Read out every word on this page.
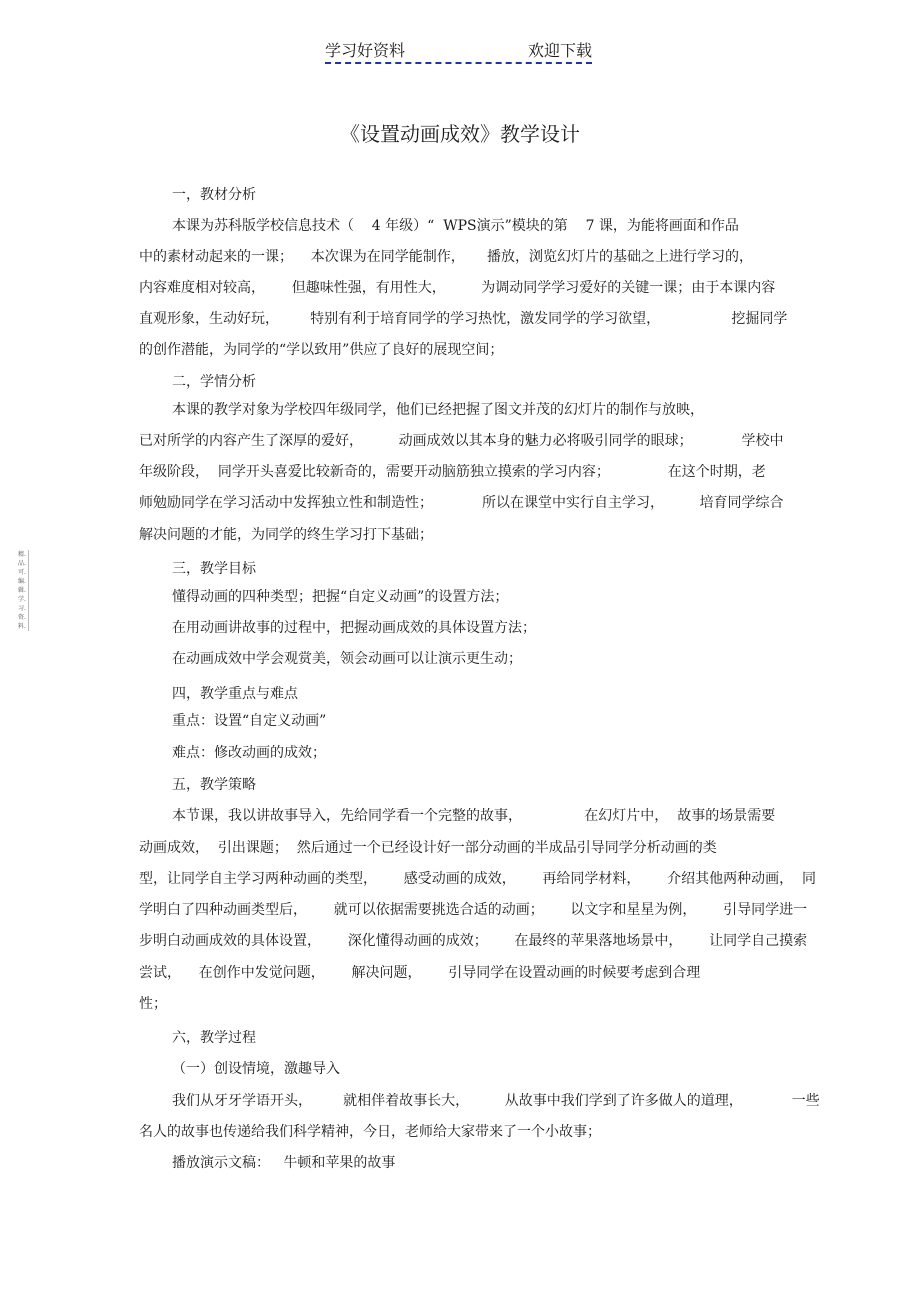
学习好资料	欢迎下载
《设置动画成效》教学设计
精.品.可.编.辑.学.习.资.料.
一，教材分析
本课为苏科版学校信息技术（    4 年级）“  WPS演示”模块的第    7 课，为能将画面和作品
中的素材动起来的一课；    本次课为在同学能制作，     播放，浏览幻灯片的基础之上进行学习的，
内容难度相对较高，      但趣味性强，有用性大，        为调动同学学习爱好的关键一课；由于本课内容
直观形象，生动好玩，       特别有利于培育同学的学习热忱，激发同学的学习欲望，                挖掘同学
的创作潜能，为同学的“学以致用”供应了良好的展现空间；
二，学情分析
本课的教学对象为学校四年级同学，他们已经把握了图文并茂的幻灯片的制作与放映，
已对所学的内容产生了深厚的爱好，        动画成效以其本身的魅力必将吸引同学的眼球；           学校中
年级阶段，  同学开头喜爱比较新奇的，需要开动脑筋独立摸索的学习内容；             在这个时期，老
师勉励同学在学习活动中发挥独立性和制造性；           所以在课堂中实行自主学习，        培育同学综合
解决问题的才能，为同学的终生学习打下基础；
三，教学目标
懂得动画的四种类型；把握“自定义动画”的设置方法；
在用动画讲故事的过程中，把握动画成效的具体设置方法；
在动画成效中学会观赏美，领会动画可以让演示更生动；
四，教学重点与难点
重点：设置“自定义动画”
难点：修改动画的成效；
五，教学策略
本节课，我以讲故事导入，先给同学看一个完整的故事，              在幻灯片中，  故事的场景需要
动画成效，  引出课题；  然后通过一个已经设计好一部分动画的半成品引导同学分析动画的类
型，让同学自主学习两种动画的类型，      感受动画的成效，      再给同学材料，      介绍其他两种动画，  同
学明白了四种动画类型后，      就可以依据需要挑选合适的动画；      以文字和星星为例，      引导同学进一
步明白动画成效的具体设置，      深化懂得动画的成效；      在最终的苹果落地场景中，      让同学自己摸索
尝试，    在创作中发觉问题，      解决问题，      引导同学在设置动画的时候要考虑到合理
性；
六，教学过程
（一）创设情境，激趣导入
我们从牙牙学语开头，       就相伴着故事长大，        从故事中我们学到了许多做人的道理，           一些
名人的故事也传递给我们科学精神，今日，老师给大家带来了一个小故事；
播放演示文稿：   牛顿和苹果的故事
